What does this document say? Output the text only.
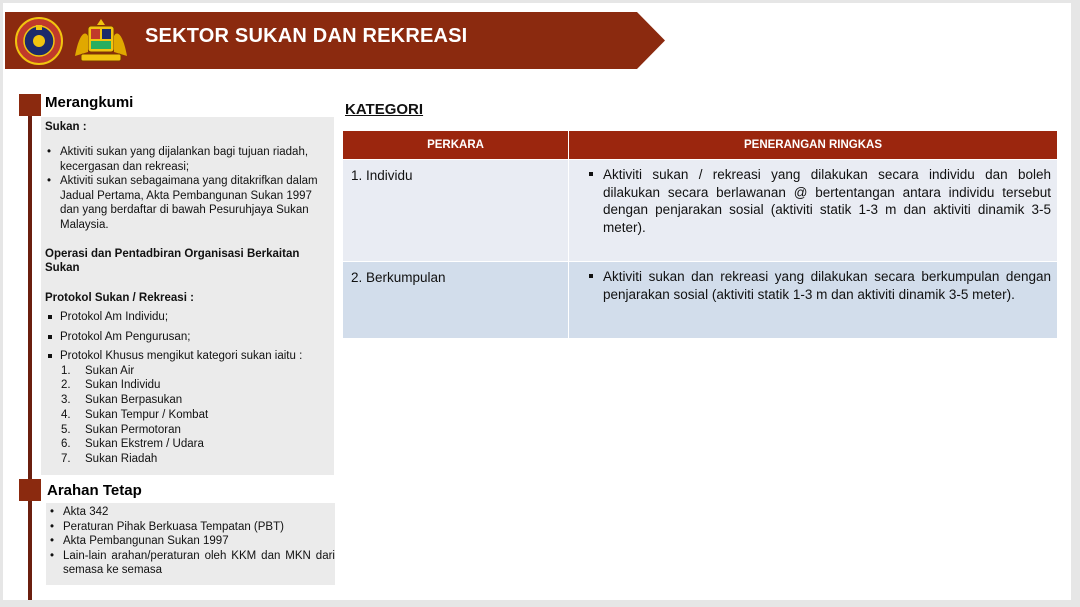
SEKTOR SUKAN DAN REKREASI
Merangkumi
Sukan :
• Aktiviti sukan yang dijalankan bagi tujuan riadah, kecergasan dan rekreasi;
• Aktiviti sukan sebagaimana yang ditakrifkan dalam Jadual Pertama, Akta Pembangunan Sukan 1997 dan yang berdaftar di bawah Pesuruhjaya Sukan Malaysia.
Operasi dan Pentadbiran Organisasi Berkaitan Sukan
Protokol Sukan / Rekreasi :
Protokol Am Individu;
Protokol Am Pengurusan;
Protokol Khusus mengikut kategori sukan iaitu :
1. Sukan Air
2. Sukan Individu
3. Sukan Berpasukan
4. Sukan Tempur / Kombat
5. Sukan Permotoran
6. Sukan Ekstrem / Udara
7. Sukan Riadah
Arahan Tetap
• Akta 342
• Peraturan Pihak Berkuasa Tempatan (PBT)
• Akta Pembangunan Sukan 1997
• Lain-lain arahan/peraturan oleh KKM dan MKN dari semasa ke semasa
KATEGORI
PERKARA	PENERANGAN RINGKAS
1. Individu	Aktiviti sukan / rekreasi yang dilakukan secara individu dan boleh dilakukan secara berlawanan @ bertentangan antara individu tersebut dengan penjarakan sosial (aktiviti statik 1-3 m dan aktiviti dinamik 3-5 meter).

2. Berkumpulan	Aktiviti sukan dan rekreasi yang dilakukan secara berkumpulan dengan penjarakan sosial (aktiviti statik 1-3 m dan aktiviti dinamik 3-5 meter).
